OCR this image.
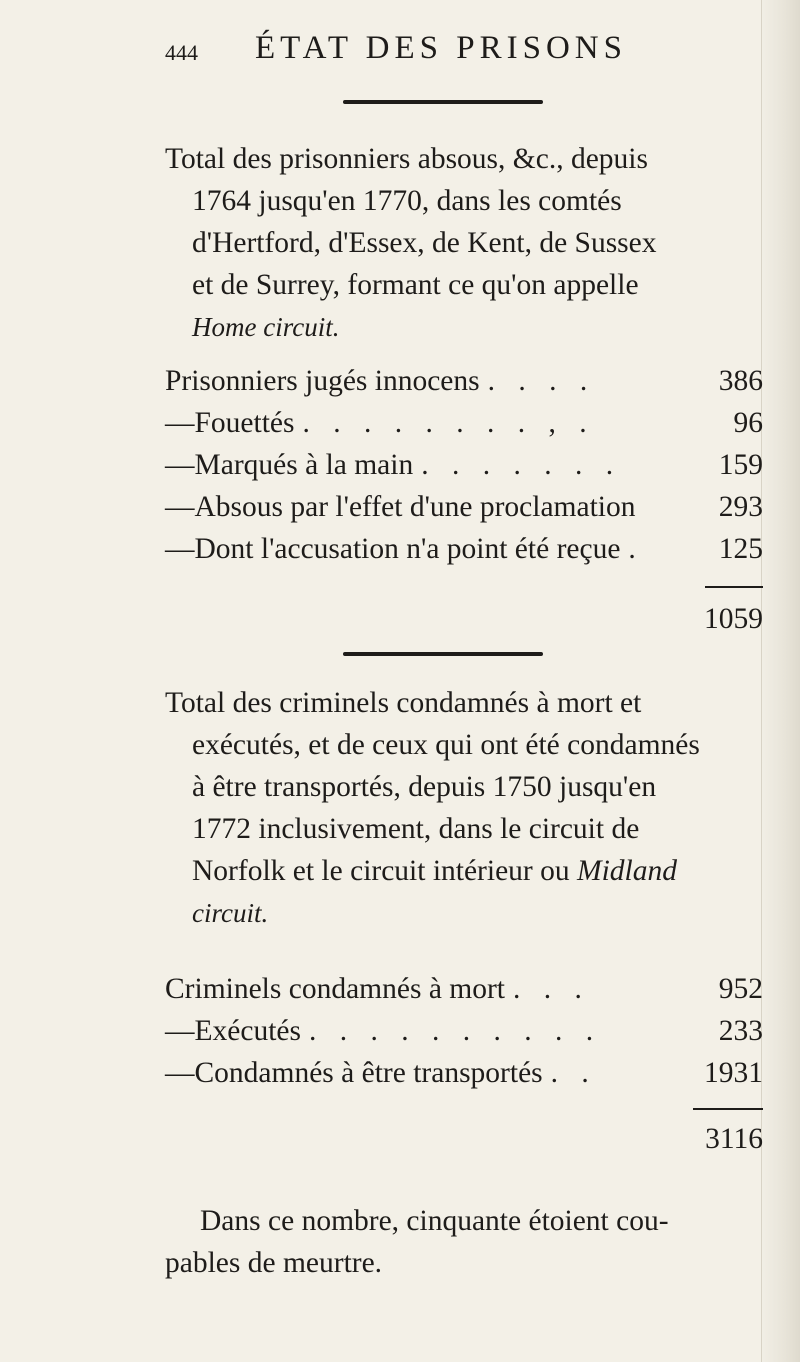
444 ÉTAT DES PRISONS
Total des prisonniers absous, &c., depuis
1764 jusqu'en 1770, dans les comtés
d'Hertford, d'Essex, de Kent, de Sussex
et de Surrey, formant ce qu'on appelle
Home circuit.
Prisonniers jugés innocens . . . .	386
—Fouettés . . . . . . . . , .	96
—Marqués à la main . . . . . . .	159
—Absous par l'effet d'une proclamation	293
—Dont l'accusation n'a point été reçue .	125
1059
Total des criminels condamnés à mort et
exécutés, et de ceux qui ont été condamnés
à être transportés, depuis 1750 jusqu'en
1772 inclusivement, dans le circuit de
Norfolk et le circuit intérieur ou Midland
circuit.
Criminels condamnés à mort . . .	952
—Exécutés . . . . . . . . . .	233
—Condamnés à être transportés . .	1931
3116
Dans ce nombre, cinquante étoient cou-
pables de meurtre.
